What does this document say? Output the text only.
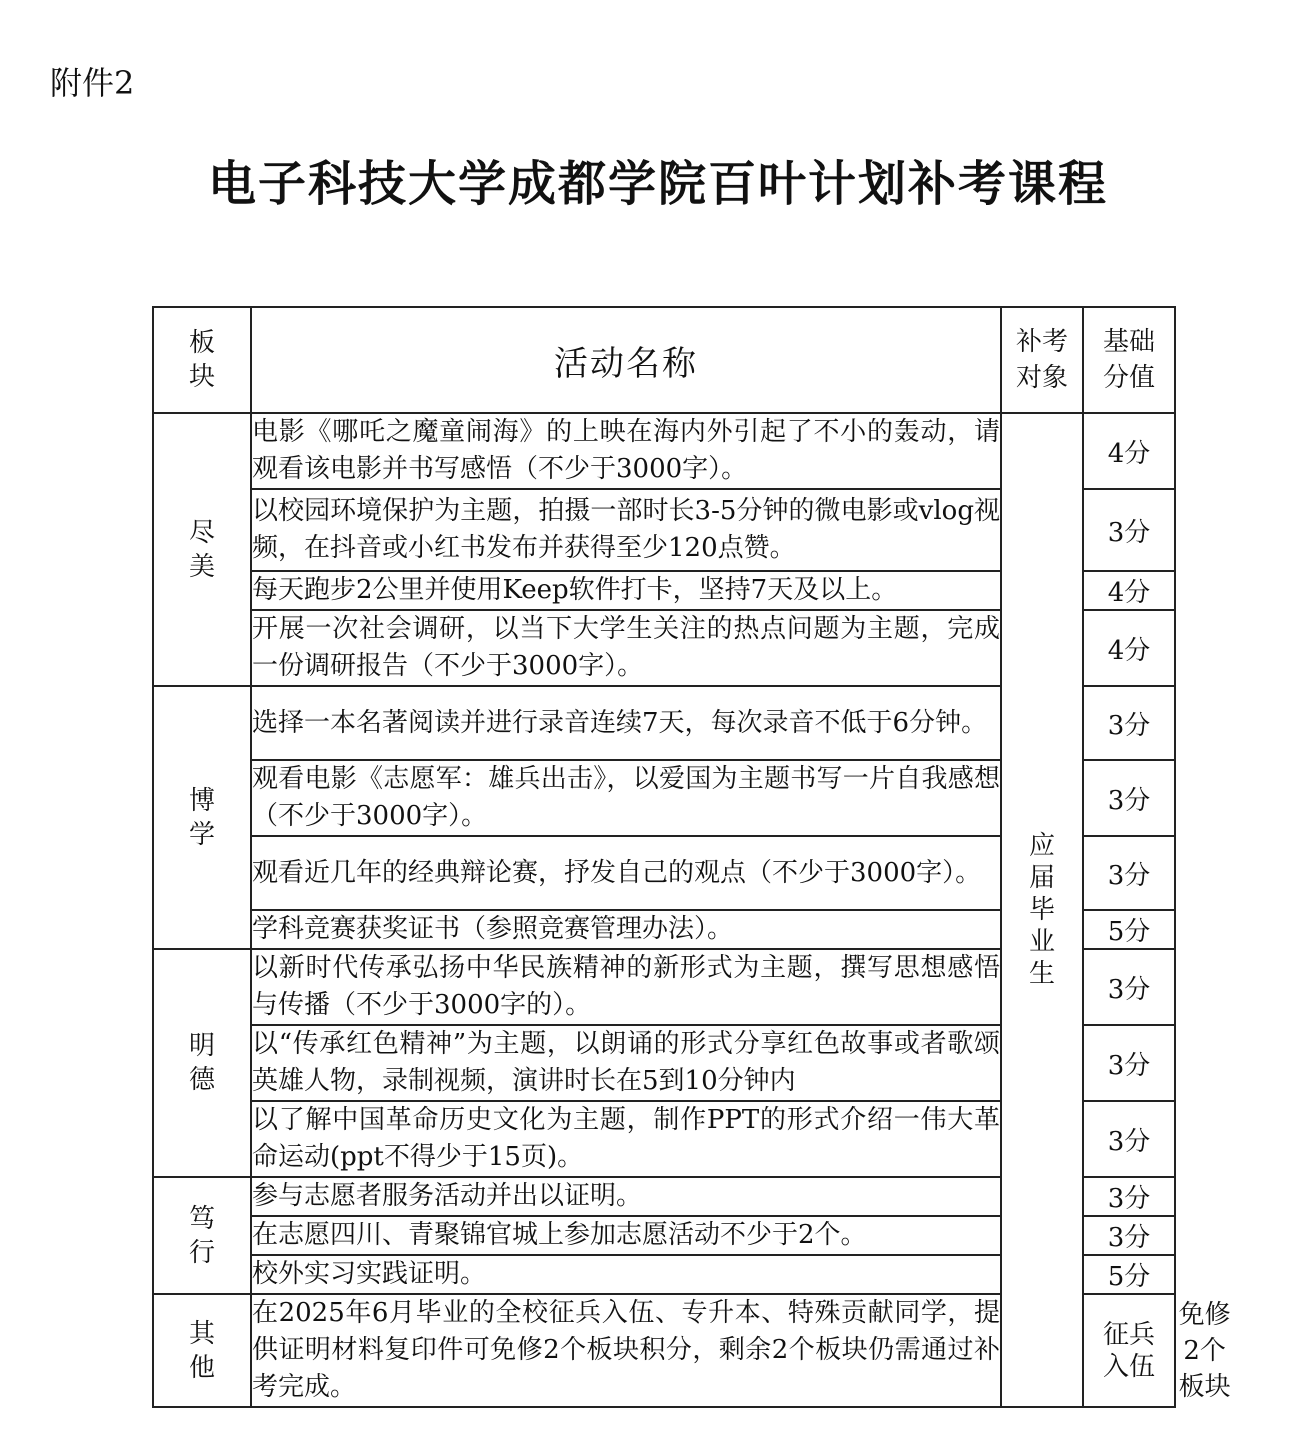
附件2
电子科技大学成都学院百叶计划补考课程
板块	活动名称	补考对象	基础分值	
尽美	电影《哪吒之魔童闹海》的上映在海内外引起了不小的轰动，请观看该电影并书写感悟（不少于3000字）。	应届毕业生	4分	
	以校园环境保护为主题，拍摄一部时长3-5分钟的微电影或vlog视频，在抖音或小红书发布并获得至少120点赞。		3分	
	每天跑步2公里并使用Keep软件打卡，坚持7天及以上。		4分	
	开展一次社会调研，以当下大学生关注的热点问题为主题，完成一份调研报告（不少于3000字）。		4分	
博学	选择一本名著阅读并进行录音连续7天，每次录音不低于6分钟。		3分	
	观看电影《志愿军：雄兵出击》，以爱国为主题书写一片自我感想（不少于3000字）。		3分	
	观看近几年的经典辩论赛，抒发自己的观点（不少于3000字）。		3分	
	学科竞赛获奖证书（参照竞赛管理办法）。		5分	
明德	以新时代传承弘扬中华民族精神的新形式为主题，撰写思想感悟与传播（不少于3000字的）。		3分	
	以“传承红色精神”为主题，以朗诵的形式分享红色故事或者歌颂英雄人物，录制视频，演讲时长在5到10分钟内		3分	
	以了解中国革命历史文化为主题，制作PPT的形式介绍一伟大革命运动(ppt不得少于15页)。		3分	
笃行	参与志愿者服务活动并出以证明。		3分	
	在志愿四川、青聚锦官城上参加志愿活动不少于2个。		3分	
	校外实习实践证明。		5分	
其他	在2025年6月毕业的全校征兵入伍、专升本、特殊贡献同学，提供证明材料复印件可免修2个板块积分，剩余2个板块仍需通过补考完成。		征兵入伍	免修2个板块
